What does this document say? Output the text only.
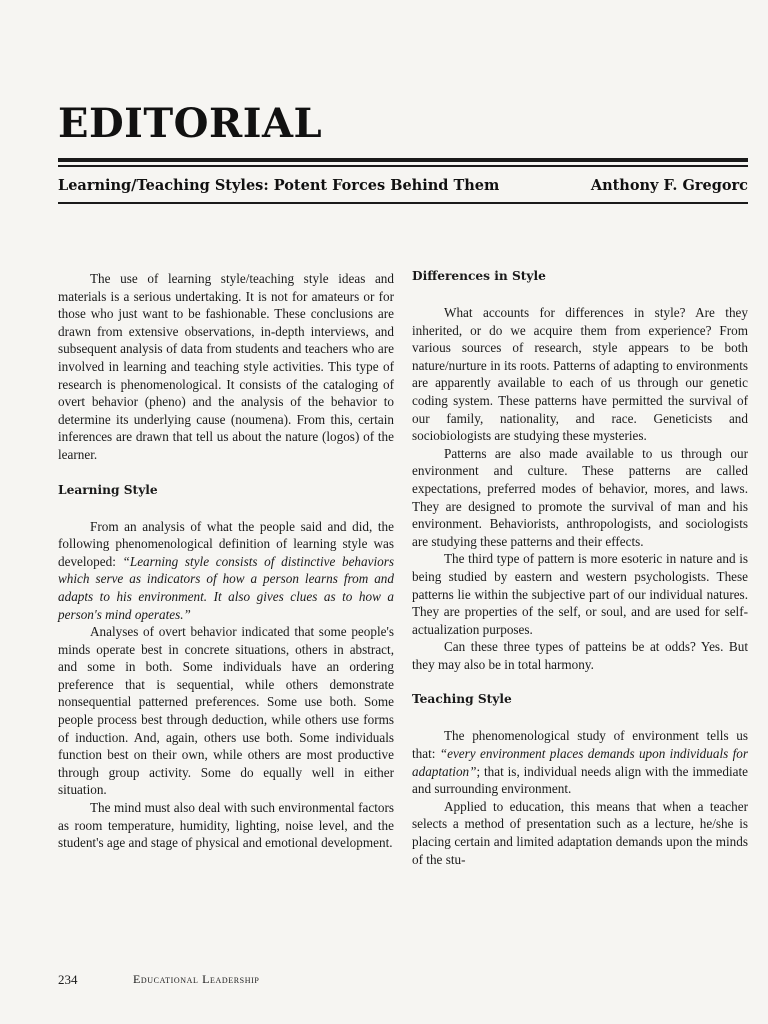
EDITORIAL
Learning/Teaching Styles: Potent Forces Behind Them	Anthony F. Gregorc

The use of learning style/teaching style ideas and materials is a serious undertaking. It is not for amateurs or for those who just want to be fashionable. These conclusions are drawn from extensive observations, in-depth interviews, and subsequent analysis of data from students and teachers who are involved in learning and teaching style activities. This type of research is phenomenological. It consists of the cataloging of overt behavior (pheno) and the analysis of the behavior to determine its underlying cause (noumena). From this, certain inferences are drawn that tell us about the nature (logos) of the learner.

Learning Style

From an analysis of what the people said and did, the following phenomenological definition of learning style was developed: “Learning style consists of distinctive behaviors which serve as indicators of how a person learns from and adapts to his environment. It also gives clues as to how a person's mind operates.”

Analyses of overt behavior indicated that some people's minds operate best in concrete situations, others in abstract, and some in both. Some individuals have an ordering preference that is sequential, while others demonstrate nonsequential patterned preferences. Some use both. Some people process best through deduction, while others use forms of induction. And, again, others use both. Some individuals function best on their own, while others are most productive through group activity. Some do equally well in either situation.

The mind must also deal with such environmental factors as room temperature, humidity, lighting, noise level, and the student's age and stage of physical and emotional development.

Differences in Style

What accounts for differences in style? Are they inherited, or do we acquire them from experience? From various sources of research, style appears to be both nature/nurture in its roots. Patterns of adapting to environments are apparently available to each of us through our genetic coding system. These patterns have permitted the survival of our family, nationality, and race. Geneticists and sociobiologists are studying these mysteries.

Patterns are also made available to us through our environment and culture. These patterns are called expectations, preferred modes of behavior, mores, and laws. They are designed to promote the survival of man and his environment. Behaviorists, anthropologists, and sociologists are studying these patterns and their effects.

The third type of pattern is more esoteric in nature and is being studied by eastern and western psychologists. These patterns lie within the subjective part of our individual natures. They are properties of the self, or soul, and are used for self-actualization purposes.

Can these three types of patteins be at odds? Yes. But they may also be in total harmony.

Teaching Style

The phenomenological study of environment tells us that: “every environment places demands upon individuals for adaptation”; that is, individual needs align with the immediate and surrounding environment.

Applied to education, this means that when a teacher selects a method of presentation such as a lecture, he/she is placing certain and limited adaptation demands upon the minds of the stu-

234	Educational Leadership
